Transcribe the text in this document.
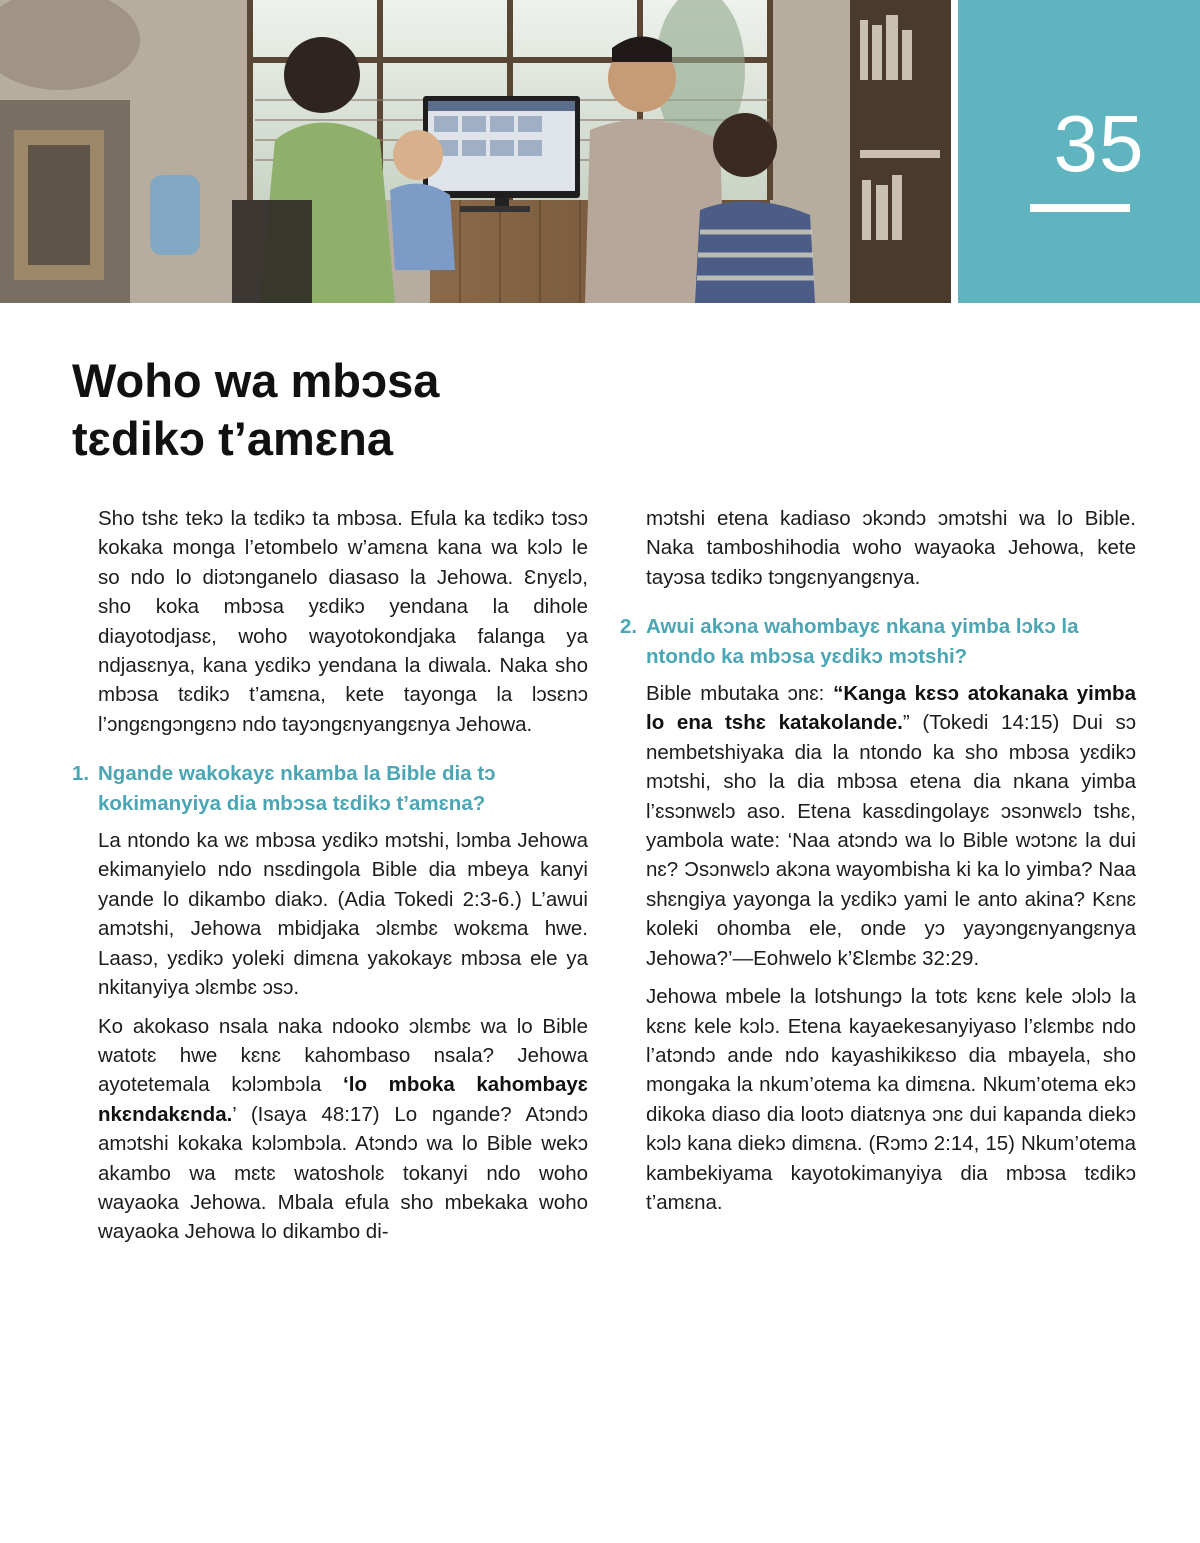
35
Woho wa mbɔsa
tɛdikɔ t’amɛna

Sho tshɛ tekɔ la tɛdikɔ ta mbɔsa. Efula ka tɛdikɔ tɔsɔ kokaka monga l’etombelo w’amɛna kana wa kɔlɔ le so ndo lo diɔtɔnganelo diasaso la Jehowa. Ɛnyɛlɔ, sho koka mbɔsa yɛdikɔ yendana la dihole diayotodjasɛ, woho wayotokondjaka falanga ya ndjasɛnya, kana yɛdikɔ yendana la diwala. Naka sho mbɔsa tɛdikɔ t’amɛna, kete tayonga la lɔsɛnɔ l’ɔngɛngɔngɛnɔ ndo tayɔngɛnyangɛnya Jehowa.

1. Ngande wakokayɛ nkamba la Bible dia tɔ kokimanyiya dia mbɔsa tɛdikɔ t’amɛna?

La ntondo ka wɛ mbɔsa yɛdikɔ mɔtshi, lɔmba Jehowa ekimanyielo ndo nsɛdingola Bible dia mbeya kanyi yande lo dikambo diakɔ. (Adia Tokedi 2:3-6.) L’awui amɔtshi, Jehowa mbidjaka ɔlɛmbɛ wokɛma hwe. Laasɔ, yɛdikɔ yoleki dimɛna yakokayɛ mbɔsa ele ya nkitanyiya ɔlɛmbɛ ɔsɔ.

Ko akokaso nsala naka ndooko ɔlɛmbɛ wa lo Bible watotɛ hwe kɛnɛ kahombaso nsala? Jehowa ayotetemala kɔlɔmbɔla ‘lo mboka kahombayɛ nkɛndakɛnda.’ (Isaya 48:17) Lo ngande? Atɔndɔ amɔtshi kokaka kɔlɔmbɔla. Atɔndɔ wa lo Bible wekɔ akambo wa mɛtɛ watosholɛ tokanyi ndo woho wayaoka Jehowa. Mbala efula sho mbekaka woho wayaoka Jehowa lo dikambo di-

mɔtshi etena kadiaso ɔkɔndɔ ɔmɔtshi wa lo Bible. Naka tamboshihodia woho wayaoka Jehowa, kete tayɔsa tɛdikɔ tɔngɛnyangɛnya.

2. Awui akɔna wahombayɛ nkana yimba lɔkɔ la ntondo ka mbɔsa yɛdikɔ mɔtshi?

Bible mbutaka ɔnɛ: “Kanga kɛsɔ atokanaka yimba lo ena tshɛ katakolande.” (Tokedi 14:15) Dui sɔ nembetshiyaka dia la ntondo ka sho mbɔsa yɛdikɔ mɔtshi, sho la dia mbɔsa etena dia nkana yimba l’ɛsɔnwɛlɔ aso. Etena kasɛdingolayɛ ɔsɔnwɛlɔ tshɛ, yambola wate: ‘Naa atɔndɔ wa lo Bible wɔtɔnɛ la dui nɛ? Ɔsɔnwɛlɔ akɔna wayombisha ki ka lo yimba? Naa shɛngiya yayonga la yɛdikɔ yami le anto akina? Kɛnɛ koleki ohomba ele, onde yɔ yayɔngɛnyangɛnya Jehowa?’—Eohwelo k’Ɛlɛmbɛ 32:29.

Jehowa mbele la lotshungɔ la totɛ kɛnɛ kele ɔlɔlɔ la kɛnɛ kele kɔlɔ. Etena kayaekesanyiyaso l’ɛlɛmbɛ ndo l’atɔndɔ ande ndo kayashikikɛso dia mbayela, sho mongaka la nkum’otema ka dimɛna. Nkum’otema ekɔ dikoka diaso dia lootɔ diatɛnya ɔnɛ dui kapanda diekɔ kɔlɔ kana diekɔ dimɛna. (Rɔmɔ 2:14, 15) Nkum’otema kambekiyama kayotokimanyiya dia mbɔsa tɛdikɔ t’amɛna.
